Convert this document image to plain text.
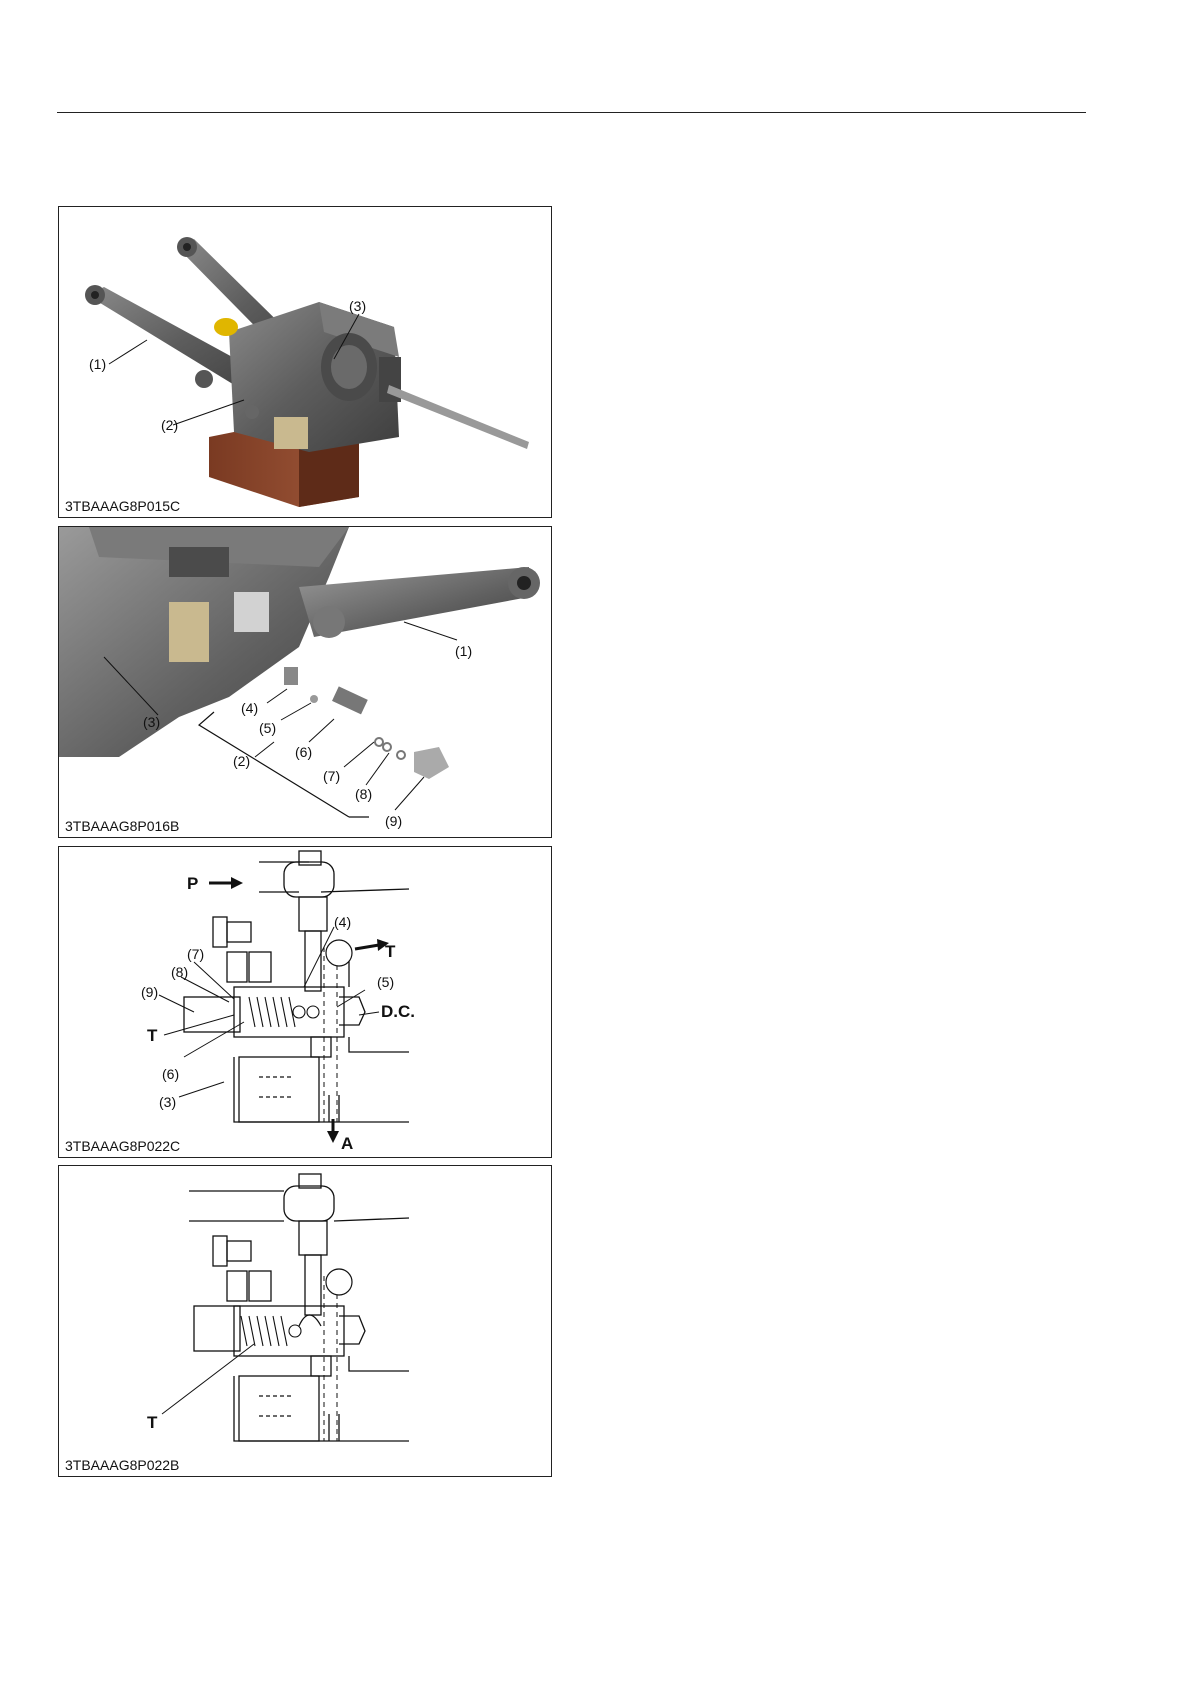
(1)
(2)
(3)
3TBAAAG8P015C
(1)
(2)
(3)
(4)
(5)
(6)
(7)
(8)
(9)
3TBAAAG8P016B
P
T
D.C.
T
A
(3)
(4)
(5)
(6)
(7)
(8)
(9)
3TBAAAG8P022C
T
3TBAAAG8P022B
